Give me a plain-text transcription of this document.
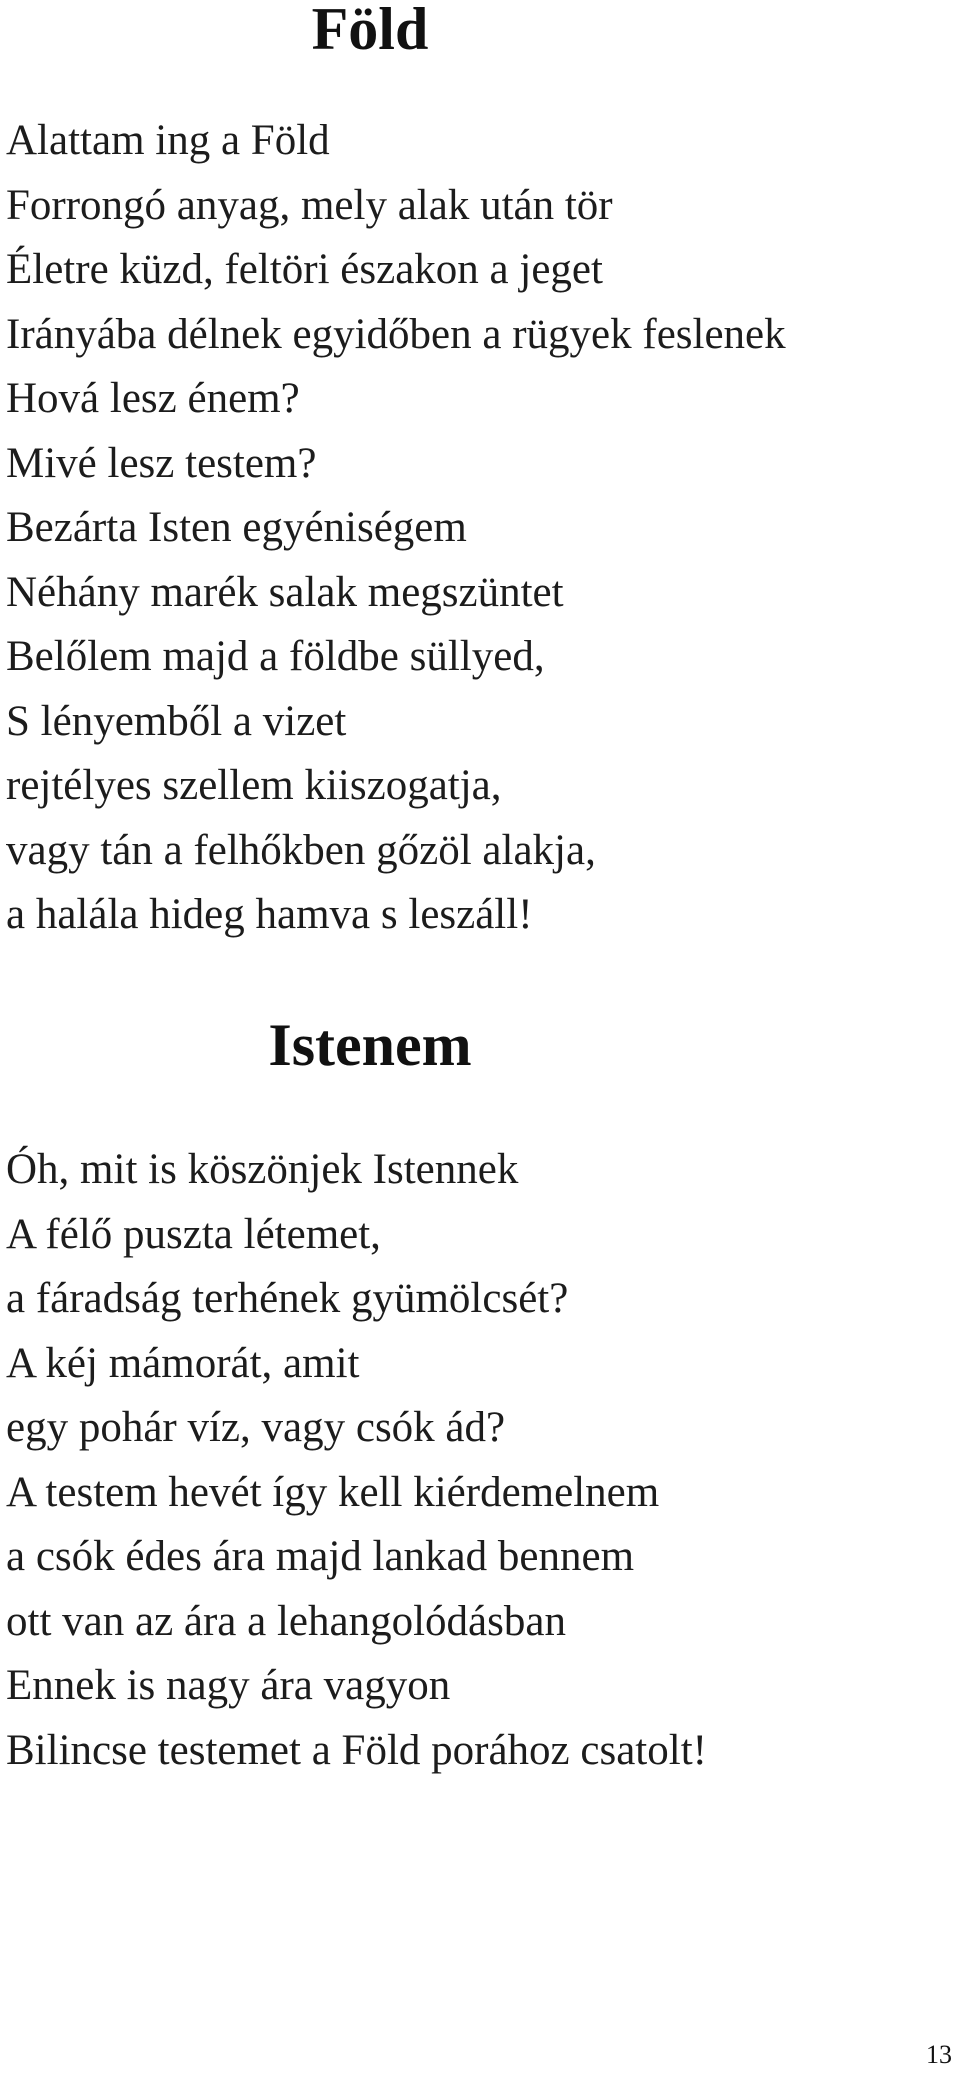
Föld
Alattam ing a Föld
Forrongó anyag, mely alak után tör
Életre küzd, feltöri északon a jeget
Irányába délnek egyidőben a rügyek feslenek
Hová lesz énem?
Mivé lesz testem?
Bezárta Isten egyéniségem
Néhány marék salak megszüntet
Belőlem majd a földbe süllyed,
S lényemből a vizet
rejtélyes szellem kiiszogatja,
vagy tán a felhőkben gőzöl alakja,
a halála hideg hamva s leszáll!
Istenem
Óh, mit is köszönjek Istennek
A félő puszta létemet,
a fáradság terhének gyümölcsét?
A kéj mámorát, amit
egy pohár víz, vagy csók ád?
A testem hevét így kell kiérdemelnem
a csók édes ára majd lankad bennem
ott van az ára a lehangolódásban
Ennek is nagy ára vagyon
Bilincse testemet a Föld porához csatolt!
13
